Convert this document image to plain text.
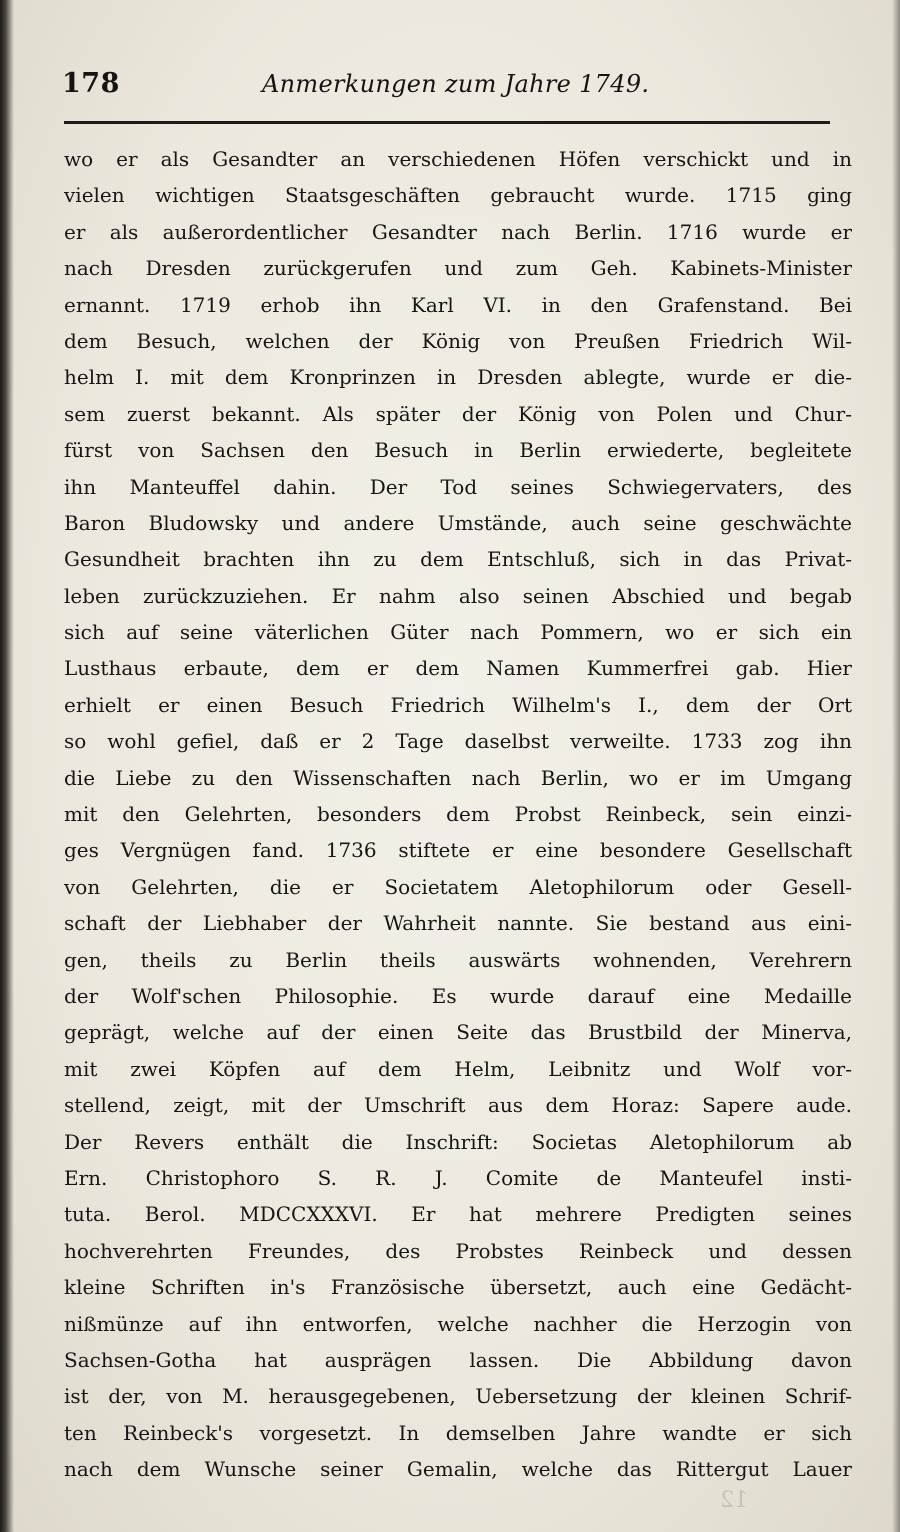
178	Anmerkungen zum Jahre 1749.
wo er als Gesandter an verschiedenen Höfen verschickt und in
vielen wichtigen Staatsgeschäften gebraucht wurde. 1715 ging
er als außerordentlicher Gesandter nach Berlin. 1716 wurde er
nach Dresden zurückgerufen und zum Geh. Kabinets-Minister
ernannt. 1719 erhob ihn Karl VI. in den Grafenstand. Bei
dem Besuch, welchen der König von Preußen Friedrich Wil-
helm I. mit dem Kronprinzen in Dresden ablegte, wurde er die-
sem zuerst bekannt. Als später der König von Polen und Chur-
fürst von Sachsen den Besuch in Berlin erwiederte, begleitete
ihn Manteuffel dahin. Der Tod seines Schwiegervaters, des
Baron Bludowsky und andere Umstände, auch seine geschwächte
Gesundheit brachten ihn zu dem Entschluß, sich in das Privat-
leben zurückzuziehen. Er nahm also seinen Abschied und begab
sich auf seine väterlichen Güter nach Pommern, wo er sich ein
Lusthaus erbaute, dem er dem Namen Kummerfrei gab. Hier
erhielt er einen Besuch Friedrich Wilhelm's I., dem der Ort
so wohl gefiel, daß er 2 Tage daselbst verweilte. 1733 zog ihn
die Liebe zu den Wissenschaften nach Berlin, wo er im Umgang
mit den Gelehrten, besonders dem Probst Reinbeck, sein einzi-
ges Vergnügen fand. 1736 stiftete er eine besondere Gesellschaft
von Gelehrten, die er Societatem Aletophilorum oder Gesell-
schaft der Liebhaber der Wahrheit nannte. Sie bestand aus eini-
gen, theils zu Berlin theils auswärts wohnenden, Verehrern
der Wolf'schen Philosophie. Es wurde darauf eine Medaille
geprägt, welche auf der einen Seite das Brustbild der Minerva,
mit zwei Köpfen auf dem Helm, Leibnitz und Wolf vor-
stellend, zeigt, mit der Umschrift aus dem Horaz: Sapere aude.
Der Revers enthält die Inschrift: Societas Aletophilorum ab
Ern. Christophoro S. R. J. Comite de Manteufel insti-
tuta. Berol. MDCCXXXVI. Er hat mehrere Predigten seines
hochverehrten Freundes, des Probstes Reinbeck und dessen
kleine Schriften in's Französische übersetzt, auch eine Gedächt-
nißmünze auf ihn entworfen, welche nachher die Herzogin von
Sachsen-Gotha hat ausprägen lassen. Die Abbildung davon
ist der, von M. herausgegebenen, Uebersetzung der kleinen Schrif-
ten Reinbeck's vorgesetzt. In demselben Jahre wandte er sich
nach dem Wunsche seiner Gemalin, welche das Rittergut Lauer
12
